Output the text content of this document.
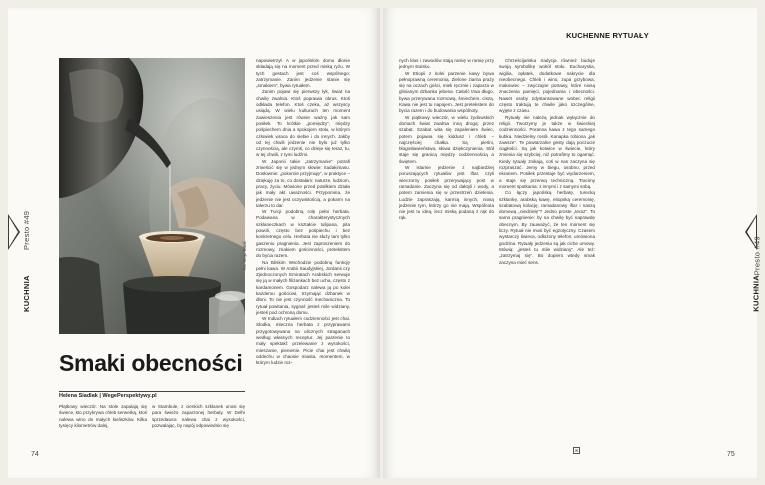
Presto #49
KUCHNIA
Presto #49
KUCHNIA
fot. Mojo Bank
Smaki obecności
Helena Siadlak | WegePerspektywy.pl

Płątkowy wieczór. Na stole zapalają się świece, kto przykrywa chleb serwetką, ktoś nalewa wino do małych kieliszków. Kilka tysięcy kilometrów dalej,

w Stambule, z cienkich szklanek unosi się para świeżo zaparzonej herbaty. W Delhi sprzedawca nalewa chai z wysokości, pozwalając, by napój odpowiednio się

napowietrzył. A w japońskim domu dłonie składają się na moment przed miską ryżu. W tych gestach jest coś wspólnego: zatrzymanie. Zanim jedzenie stanie się „smakiem”, bywa rytuałem.

Zanim pojawi się pierwszy łyk, świat na chwilę zwalnia. Ktoś poprawia obrus. Ktoś odkłada telefon. Ktoś czeka, aż wszyscy usiądą. W wielu kulturach ten moment zawieszenia jest równie ważny jak sam posiłek. To krótkie „pomiędzy”, między pośpiechem dnia a spokojem stołu, w którym człowiek wraca do siebie i do innych. Jakby od tej chwili jedzenie nie było już tylko czynnością, ale czymś, co dzieje się teraz, tu, w tej chwili, z tymi ludźmi.

W Japonii takie „zatrzymanie” potrafi zmieścić się w jednym słowie: itadakimasu. Dosłownie: „pokornie przyjmuję”, w praktyce – dziękuję za to, co dostałam: naturze, ludziom, pracy, życiu. Mówione przed posiłkiem działa jak mały akt uważności. Przypomina, że jedzenie nie jest oczywistością, a pokarm na talerzu to dar.

W Turcji podobną rolę pełni herbata. Podawana w charakterystycznych szklaneczkach w kształcie tulipana, pita powoli, często bez pośpiechu i bez konkretnego celu. Herbata nie służy tam tylko gaszeniu pragnienia. Jest zaproszeniem do rozmowy, znakiem gościnności, pretekstem do bycia razem.

Na Bliskim Wschodzie podobną funkcję pełni kawa. W Arabii Saudyjskiej, Jordanii czy Zjednoczonych Emiratach Arabskich serwuje się ją w małych filiżankach bez ucha, często z kardamonem. Gospodarz nalewa ją po kolei każdemu gościowi, trzymając dzbanek w dłoni. To nie jest czynność mechaniczna. To rytuał powitania, sygnał: jesteś mile widziany, jesteś pod ochroną domu.

W Indiach rytuałem codzienności jest chai. Słodka, mleczna herbata z przyprawami przygotowywana na ulicznych straganach według własnych receptur. Jej parzenie to mały spektakl: przelewanie z wysokości, mieszanie, pienienie. Picie chai jest chwilą oddechu w chaosie miasta, momentem, w którym ludzie roz-

KUCHENNE RYTUAŁY

nych klas i zawodów stają ramię w ramię przy jednym stoisku.

W Etiopii z kolei parzenie kawy bywa pełnoprawną ceremonią. Zielone ziarna praży się na oczach gości, mieli ręcznie i zaparza w glinianym dzbanku jebena. Całość trwa długo, bywa przerywana rozmową, śmiechem, ciszą. Kawa nie jest tu napojem. Jest pretekstem do bycia razem i do budowania wspólnoty.

W piątkowy wieczór, w wielu żydowskich domach świat zwalnia inną drogą: przez szabat. Szabat wita się zapaleniem świec, potem pojawia się kiddusz i chleb – najczęściej chałka. Są pieśni, błogosławieństwa, słowa dziękczynienia. Stół staje się granicą między codziennością a świętem.

W islamie jedzenie z najbardziej poruszających rytuałów jest iftar, czyli wieczorny posiłek przerywający post w ramadanie. Zaczyna się od daktyli i wody, a potem zamienia się w przestrzeń dzielenia. Ludzie zapraszają, karmią innych, niosą jedzenie tym, którzy go nie mają. Wspólnota nie jest tu ideą, lecz miską podaną z rąk do rąk.

Chrześcijańska tradycja również buduje swoją symbolikę wokół stołu. Eucharystia, wigilia, opłatek, dodatkowe nakrycie dla nieobecnego. Chleb i wino, zupa grzybowa, makowiec – zwyczajne potrawy, które niosą znaczenia pamięci, pojednania i obecności. Nawet osoby zdystansowane wobec religii często traktują te chwile jako szczególne, wyjęte z czasu.

Rytuały nie należą jednak wyłącznie do religii. Tworzymy je także w świeckiej codzienności. Poranna kawa z tego samego kubka. Niedzielny rosół. Kanapka robiona „jak zawsze”. Te powtarzalne gesty dają poczucie ciągłości. Są jak kotwice w świecie, który zmienia się szybciej, niż potrafimy to ogarnąć. Kiedy rytuały znikają, coś w nas zaczyna się rozpraszać. Jemy w biegu, osobno, przed ekranem. Posiłek przestaje być wydarzeniem, a staje się przerwą techniczną. Tracimy moment spotkania: z innymi i z samymi sobą.

Co łączy japońską herbatę, turecką szklankę, arabską kawę, etiopską ceremonię, szabatową kolację, ramadanowy iftar i naszą domową „niedzielę”? Jedno proste „teraz”. To samo pragnienie: by na chwilę być naprawdę obecnym. By zauważyć, że ten moment się liczy. Rytuał nie musi być egzotyczny. Czasem wystarczy świeca, odłożony telefon, umówiona godzina. Rytuały jedzenia są jak ciche umowy. Mówią: „jesteś tu mile widziany”. Ale też: „zatrzymaj się”. Bo dopiero wtedy smak zaczyna mieć sens.

✉
74	75
